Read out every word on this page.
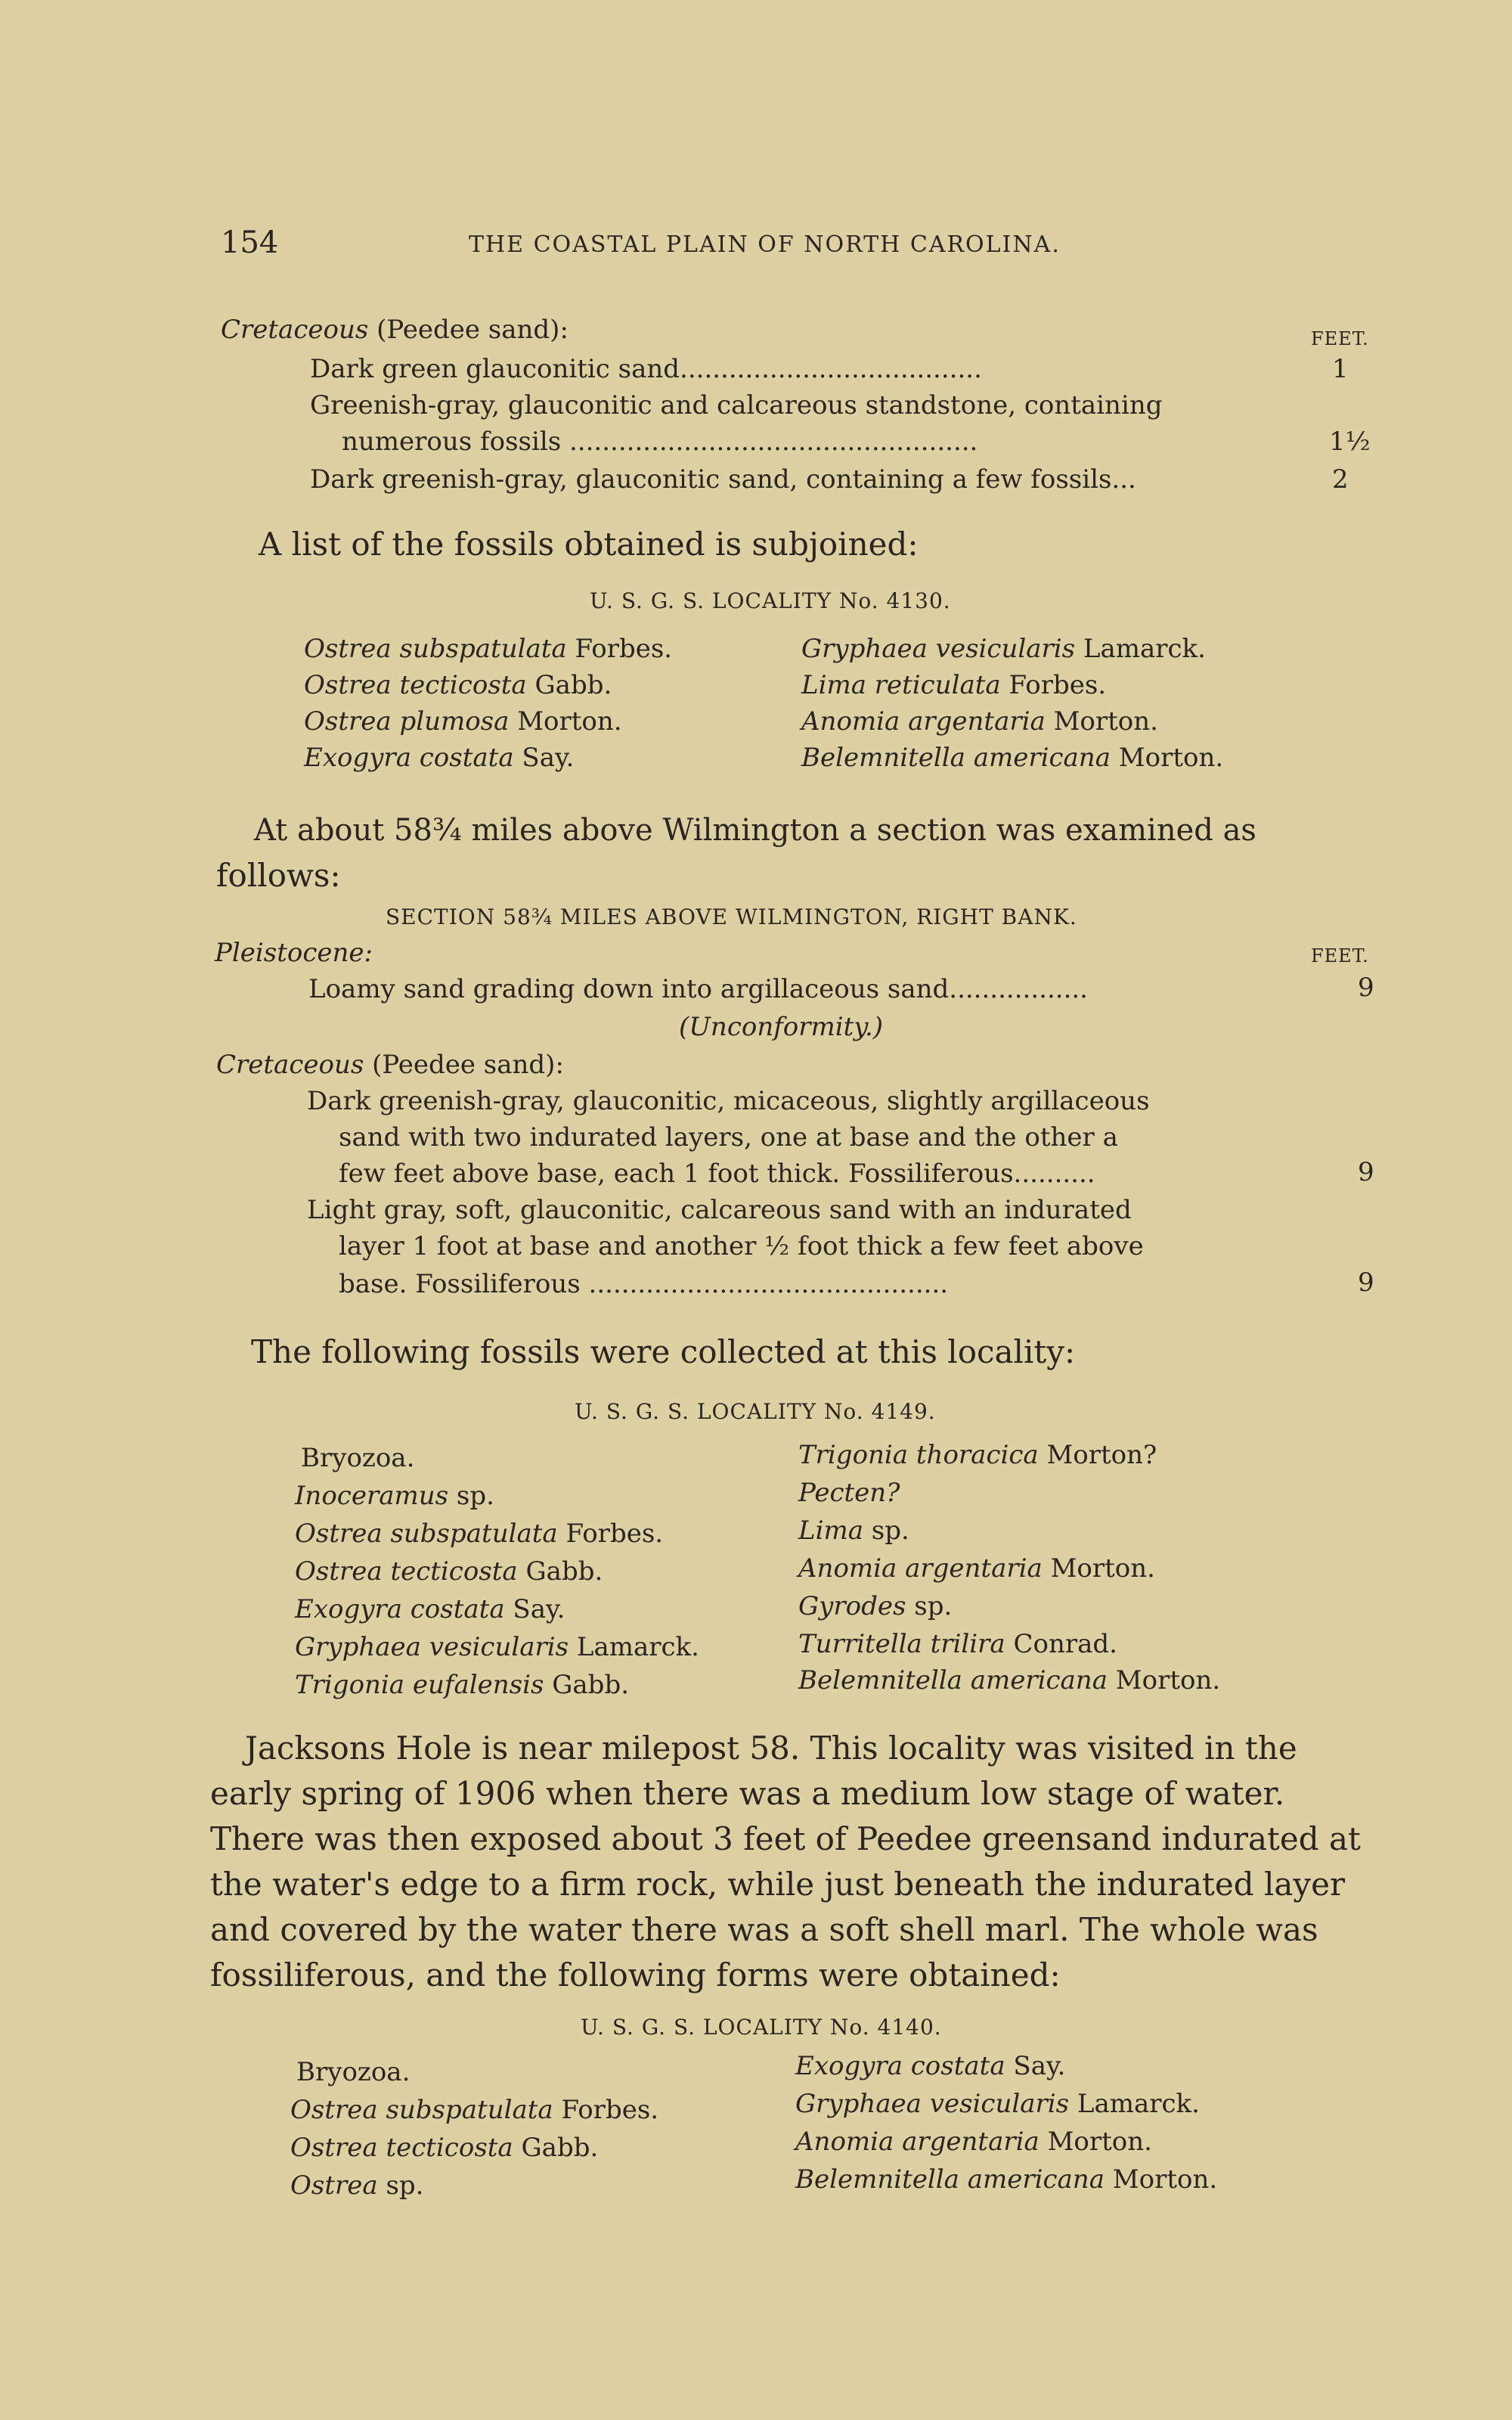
154	THE COASTAL PLAIN OF NORTH CAROLINA.
Cretaceous (Peedee sand):	FEET.
Dark green glauconitic sand.....................................	1
Greenish-gray, glauconitic and calcareous standstone, containing
numerous fossils ..................................................	1½
Dark greenish-gray, glauconitic sand, containing a few fossils...	2
A list of the fossils obtained is subjoined:
U. S. G. S. LOCALITY No. 4130.
Ostrea subspatulata Forbes.
Ostrea tecticosta Gabb.
Ostrea plumosa Morton.
Exogyra costata Say.
Gryphaea vesicularis Lamarck.
Lima reticulata Forbes.
Anomia argentaria Morton.
Belemnitella americana Morton.
At about 58¾ miles above Wilmington a section was examined as
follows:
SECTION 58¾ MILES ABOVE WILMINGTON, RIGHT BANK.
Pleistocene:	FEET.
Loamy sand grading down into argillaceous sand.................	9
(Unconformity.)
Cretaceous (Peedee sand):
Dark greenish-gray, glauconitic, micaceous, slightly argillaceous
sand with two indurated layers, one at base and the other a
few feet above base, each 1 foot thick. Fossiliferous..........	9
Light gray, soft, glauconitic, calcareous sand with an indurated
layer 1 foot at base and another ½ foot thick a few feet above
base. Fossiliferous ............................................	9
The following fossils were collected at this locality:
U. S. G. S. LOCALITY No. 4149.
Bryozoa.
Inoceramus sp.
Ostrea subspatulata Forbes.
Ostrea tecticosta Gabb.
Exogyra costata Say.
Gryphaea vesicularis Lamarck.
Trigonia eufalensis Gabb.
Trigonia thoracica Morton?
Pecten?
Lima sp.
Anomia argentaria Morton.
Gyrodes sp.
Turritella trilira Conrad.
Belemnitella americana Morton.
Jacksons Hole is near milepost 58. This locality was visited in the
early spring of 1906 when there was a medium low stage of water.
There was then exposed about 3 feet of Peedee greensand indurated at
the water's edge to a firm rock, while just beneath the indurated layer
and covered by the water there was a soft shell marl. The whole was
fossiliferous, and the following forms were obtained:
U. S. G. S. LOCALITY No. 4140.
Bryozoa.
Ostrea subspatulata Forbes.
Ostrea tecticosta Gabb.
Ostrea sp.
Exogyra costata Say.
Gryphaea vesicularis Lamarck.
Anomia argentaria Morton.
Belemnitella americana Morton.
